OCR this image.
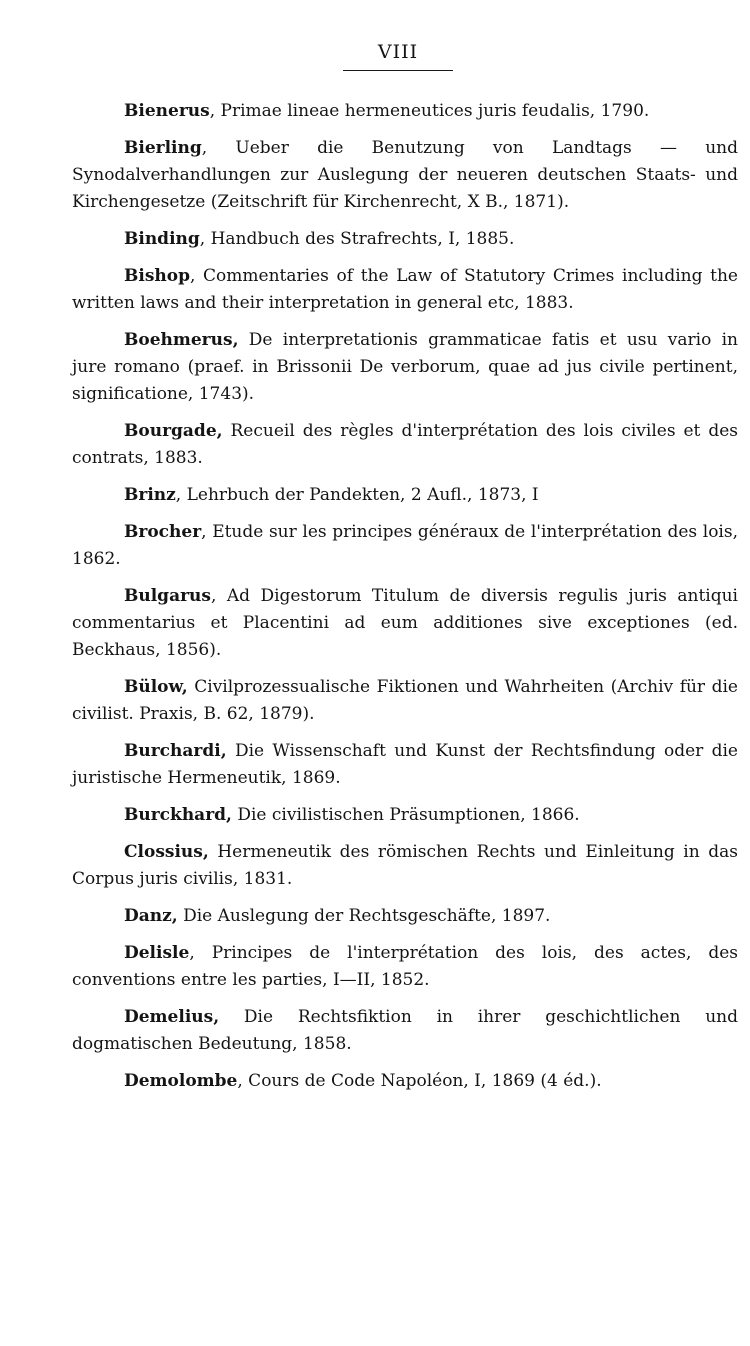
VIII

Bienerus, Primae lineae hermeneutices juris feudalis, 1790.

Bierling, Ueber die Benutzung von Landtags — und Synodalverhandlungen zur Auslegung der neueren deutschen Staats- und Kirchengesetze (Zeitschrift für Kirchenrecht, X B., 1871).

Binding, Handbuch des Strafrechts, I, 1885.

Bishop, Commentaries of the Law of Statutory Crimes including the written laws and their interpretation in general etc, 1883.

Boehmerus, De interpretationis grammaticae fatis et usu vario in jure romano (praef. in Brissonii De verborum, quae ad jus civile pertinent, significatione, 1743).

Bourgade, Recueil des règles d'interprétation des lois civiles et des contrats, 1883.

Brinz, Lehrbuch der Pandekten, 2 Aufl., 1873, I

Brocher, Etude sur les principes généraux de l'interprétation des lois, 1862.

Bulgarus, Ad Digestorum Titulum de diversis regulis juris antiqui commentarius et Placentini ad eum additiones sive exceptiones (ed. Beckhaus, 1856).

Bülow, Civilprozessualische Fiktionen und Wahrheiten (Archiv für die civilist. Praxis, B. 62, 1879).

Burchardi, Die Wissenschaft und Kunst der Rechtsfindung oder die juristische Hermeneutik, 1869.

Burckhard, Die civilistischen Präsumptionen, 1866.

Clossius, Hermeneutik des römischen Rechts und Einleitung in das Corpus juris civilis, 1831.

Danz, Die Auslegung der Rechtsgeschäfte, 1897.

Delisle, Principes de l'interprétation des lois, des actes, des conventions entre les parties, I—II, 1852.

Demelius, Die Rechtsfiktion in ihrer geschichtlichen und dogmatischen Bedeutung, 1858.

Demolombe, Cours de Code Napoléon, I, 1869 (4 éd.).
